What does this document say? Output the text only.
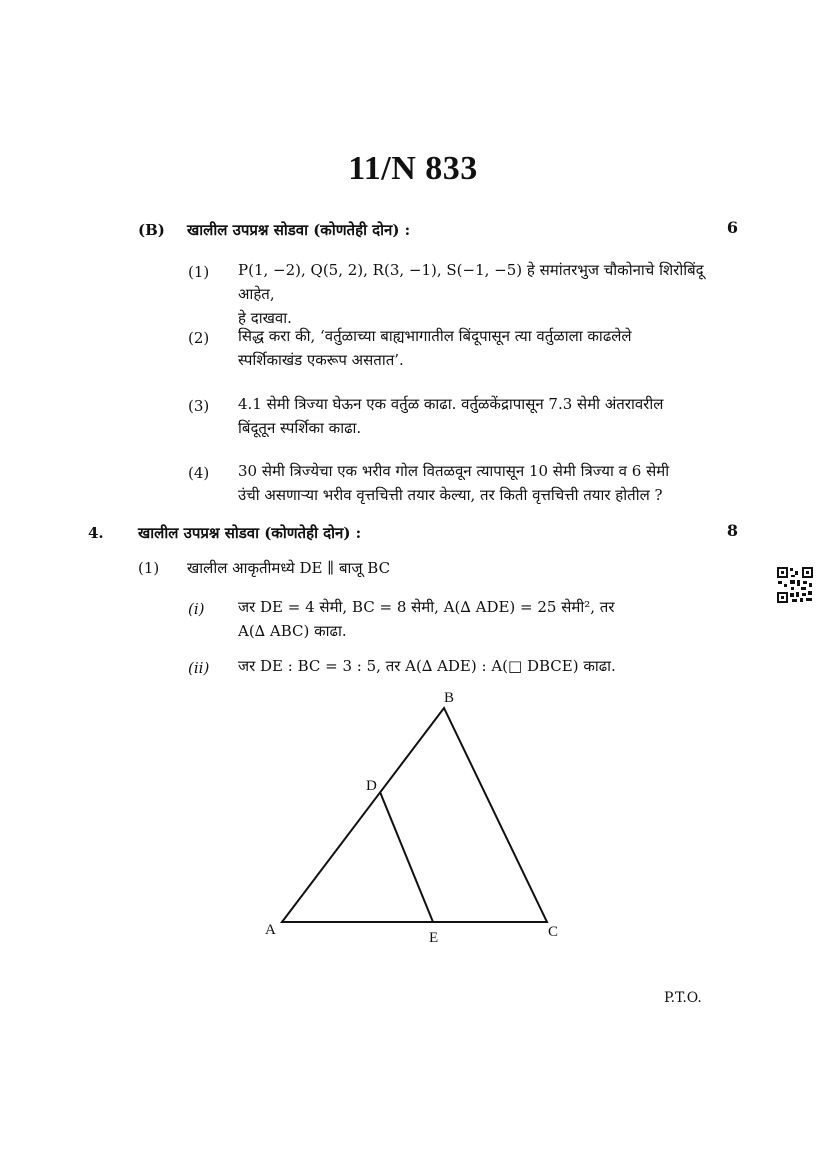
11/N 833
(B) खालील उपप्रश्न सोडवा (कोणतेही दोन) :	6
(1) P(1, −2), Q(5, 2), R(3, −1), S(−1, −5) हे समांतरभुज चौकोनाचे शिरोबिंदू आहेत,
हे दाखवा.
(2) सिद्ध करा की, ‘वर्तुळाच्या बाह्यभागातील बिंदूपासून त्या वर्तुळाला काढलेले
स्पर्शिकाखंड एकरूप असतात’.
(3) 4.1 सेमी त्रिज्या घेऊन एक वर्तुळ काढा. वर्तुळकेंद्रापासून 7.3 सेमी अंतरावरील
बिंदूतून स्पर्शिका काढा.
(4) 30 सेमी त्रिज्येचा एक भरीव गोल वितळवून त्यापासून 10 सेमी त्रिज्या व 6 सेमी
उंची असणाऱ्या भरीव वृत्तचित्ती तयार केल्या, तर किती वृत्तचित्ती तयार होतील ?
4. खालील उपप्रश्न सोडवा (कोणतेही दोन) :	8
(1) खालील आकृतीमध्ये DE ∥ बाजू BC
(i) जर DE = 4 सेमी, BC = 8 सेमी, A(∆ ADE) = 25 सेमी², तर
A(∆ ABC) काढा.
(ii) जर DE : BC = 3 : 5, तर A(∆ ADE) : A(□ DBCE) काढा.
B
D
A	E	C
P.T.O.
